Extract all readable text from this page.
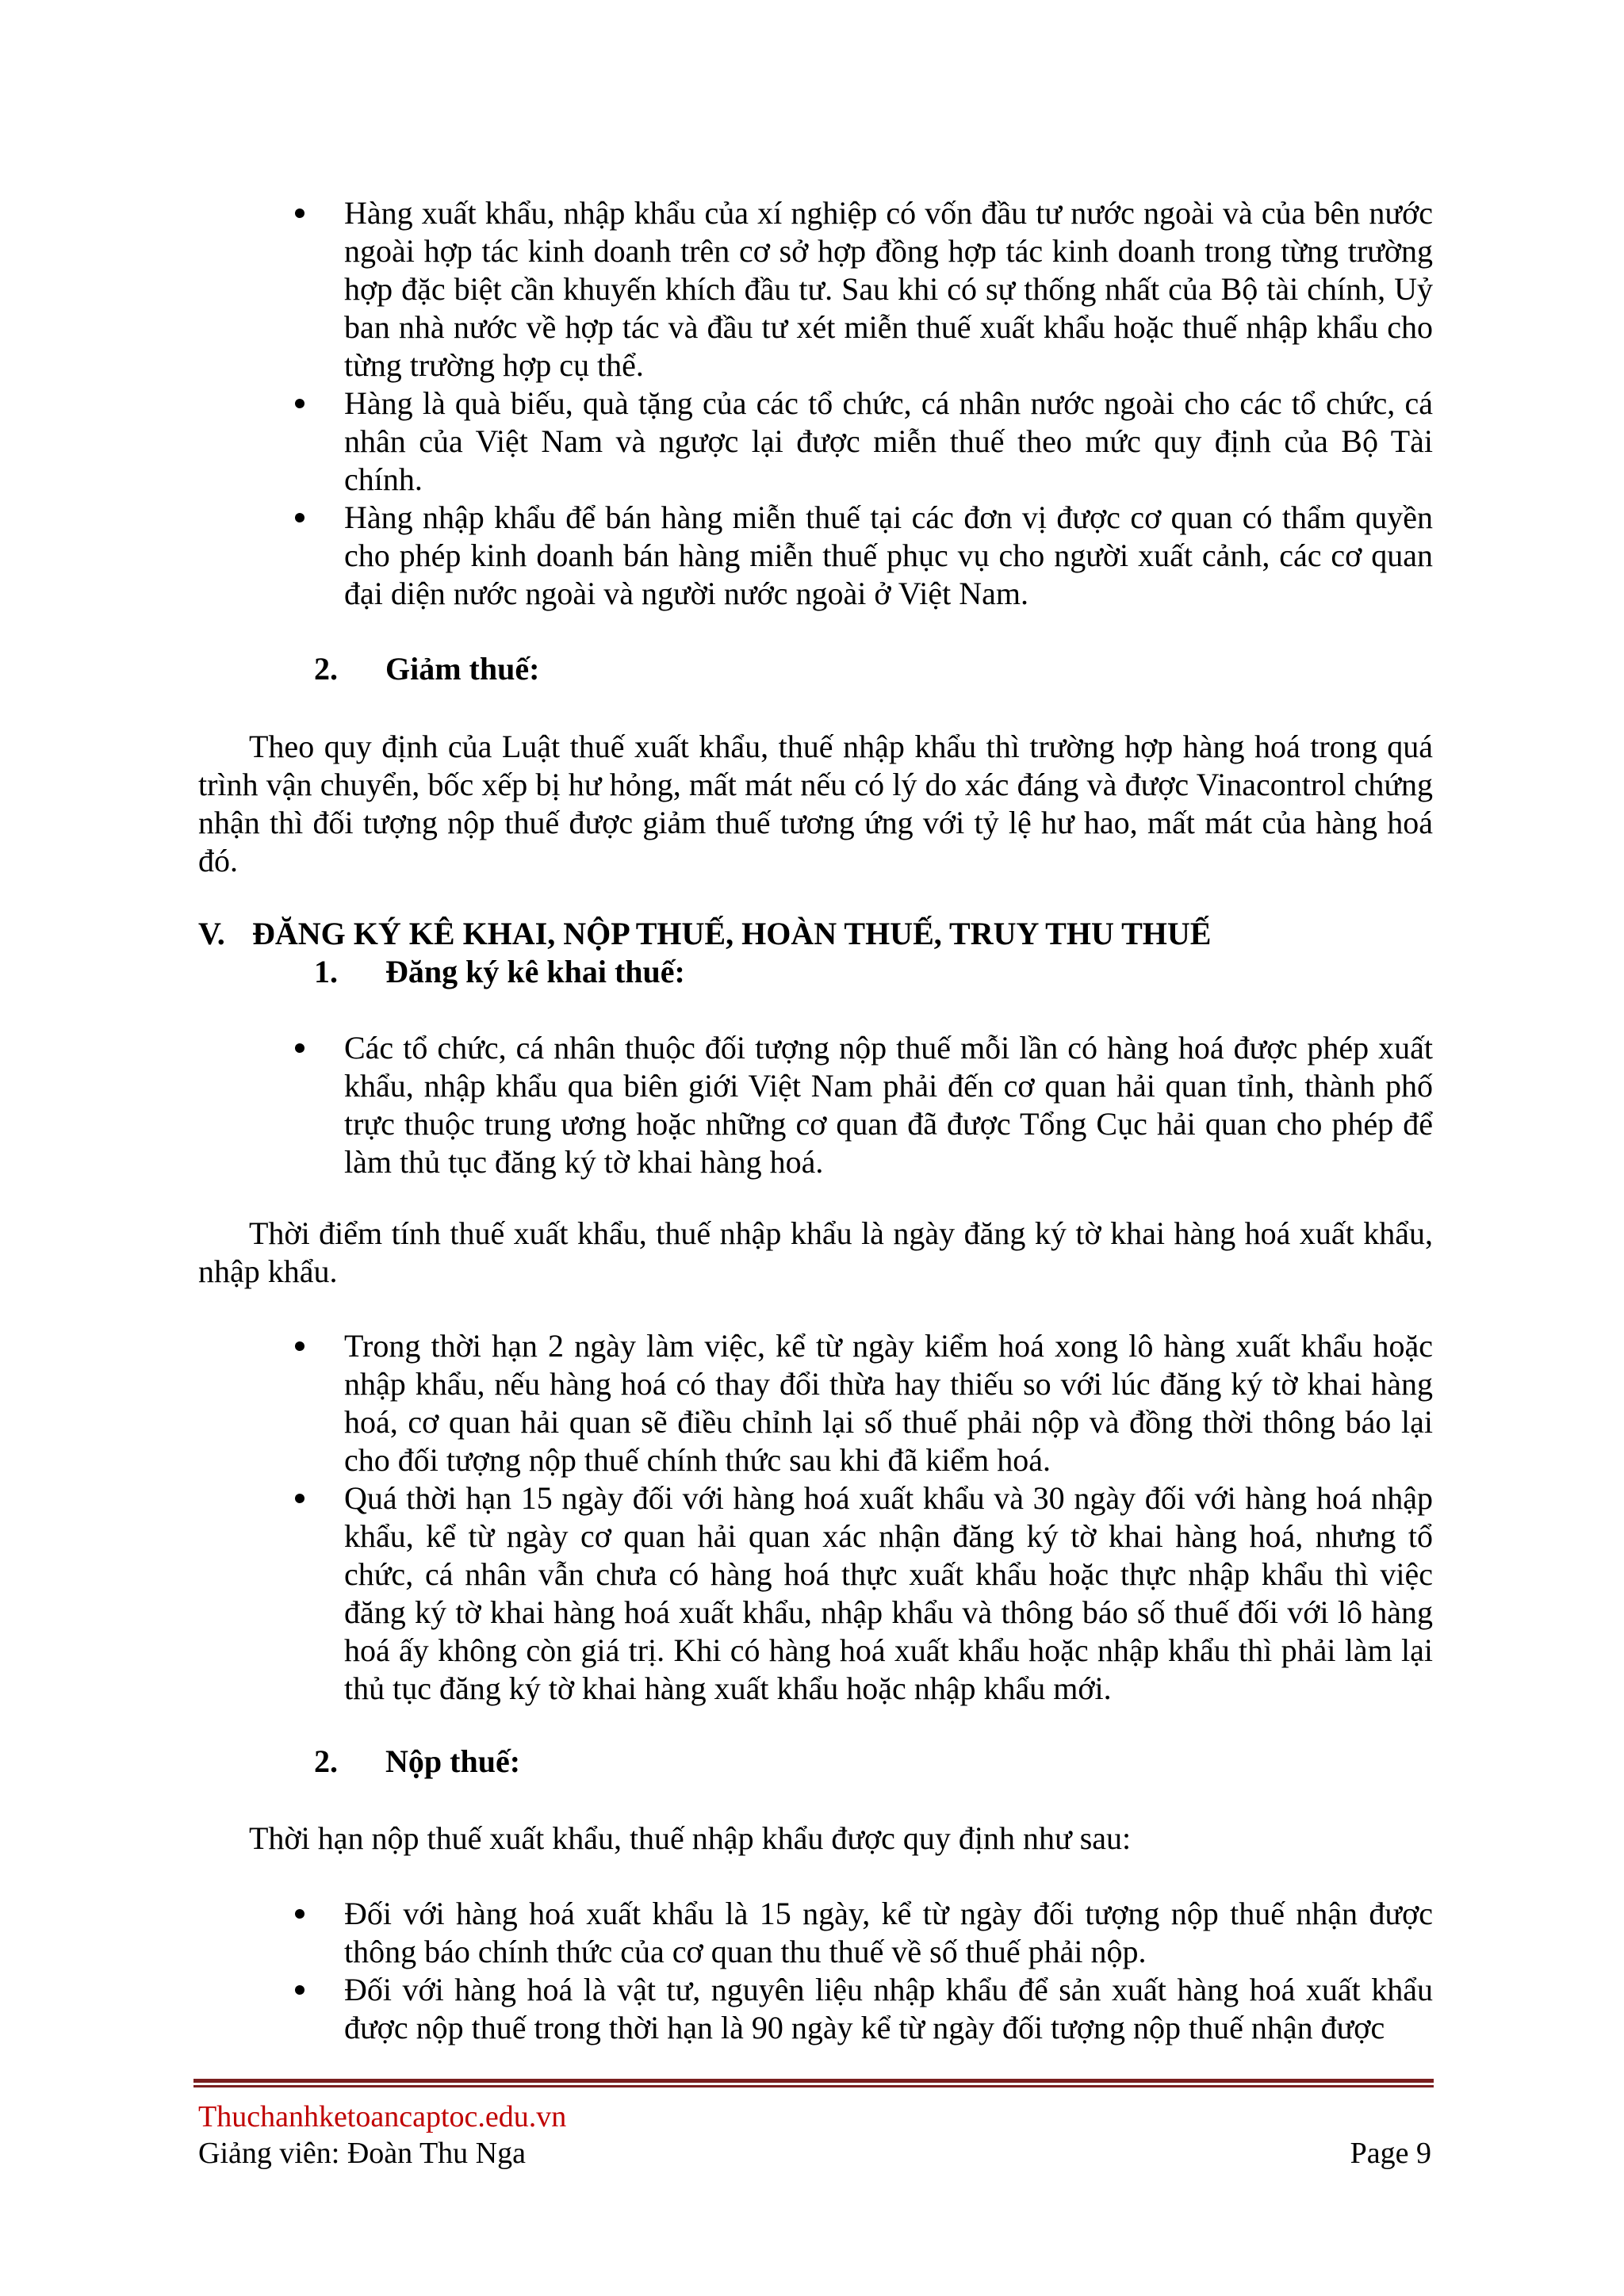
Hàng xuất khẩu, nhập khẩu của xí nghiệp có vốn đầu tư nước ngoài và của bên nước ngoài hợp tác kinh doanh trên cơ sở hợp đồng hợp tác kinh doanh trong từng trường hợp đặc biệt cần khuyến khích đầu tư. Sau khi có sự thống nhất của Bộ tài chính, Uỷ ban nhà nước về hợp tác và đầu tư xét miễn thuế xuất khẩu hoặc thuế nhập khẩu cho từng trường hợp cụ thể.
Hàng là quà biếu, quà tặng của các tổ chức, cá nhân nước ngoài cho các tổ chức, cá nhân của Việt Nam và ngược lại được miễn thuế theo mức quy định của Bộ Tài chính.
Hàng nhập khẩu để bán hàng miễn thuế tại các đơn vị được cơ quan có thẩm quyền cho phép kinh doanh bán hàng miễn thuế phục vụ cho người xuất cảnh, các cơ quan đại diện nước ngoài và người nước ngoài ở Việt Nam.

2. Giảm thuế:

Theo quy định của Luật thuế xuất khẩu, thuế nhập khẩu thì trường hợp hàng hoá trong quá trình vận chuyển, bốc xếp bị hư hỏng, mất mát nếu có lý do xác đáng và được Vinacontrol chứng nhận thì đối tượng nộp thuế được giảm thuế tương ứng với tỷ lệ hư hao, mất mát của hàng hoá đó.

V. ĐĂNG KÝ KÊ KHAI, NỘP THUẾ, HOÀN THUẾ, TRUY THU THUẾ

1. Đăng ký kê khai thuế:

Các tổ chức, cá nhân thuộc đối tượng nộp thuế mỗi lần có hàng hoá được phép xuất khẩu, nhập khẩu qua biên giới Việt Nam phải đến cơ quan hải quan tỉnh, thành phố trực thuộc trung ương hoặc những cơ quan đã được Tổng Cục hải quan cho phép để làm thủ tục đăng ký tờ khai hàng hoá.

Thời điểm tính thuế xuất khẩu, thuế nhập khẩu là ngày đăng ký tờ khai hàng hoá xuất khẩu, nhập khẩu.

Trong thời hạn 2 ngày làm việc, kể từ ngày kiểm hoá xong lô hàng xuất khẩu hoặc nhập khẩu, nếu hàng hoá có thay đổi thừa hay thiếu so với lúc đăng ký tờ khai hàng hoá, cơ quan hải quan sẽ điều chỉnh lại số thuế phải nộp và đồng thời thông báo lại cho đối tượng nộp thuế chính thức sau khi đã kiểm hoá.
Quá thời hạn 15 ngày đối với hàng hoá xuất khẩu và 30 ngày đối với hàng hoá nhập khẩu, kể từ ngày cơ quan hải quan xác nhận đăng ký tờ khai hàng hoá, nhưng tổ chức, cá nhân vẫn chưa có hàng hoá thực xuất khẩu hoặc thực nhập khẩu thì việc đăng ký tờ khai hàng hoá xuất khẩu, nhập khẩu và thông báo số thuế đối với lô hàng hoá ấy không còn giá trị. Khi có hàng hoá xuất khẩu hoặc nhập khẩu thì phải làm lại thủ tục đăng ký tờ khai hàng xuất khẩu hoặc nhập khẩu mới.

2. Nộp thuế:

Thời hạn nộp thuế xuất khẩu, thuế nhập khẩu được quy định như sau:

Đối với hàng hoá xuất khẩu là 15 ngày, kể từ ngày đối tượng nộp thuế nhận được thông báo chính thức của cơ quan thu thuế về số thuế phải nộp.
Đối với hàng hoá là vật tư, nguyên liệu nhập khẩu để sản xuất hàng hoá xuất khẩu được nộp thuế trong thời hạn là 90 ngày kể từ ngày đối tượng nộp thuế nhận được
Thuchanhketoancaptoc.edu.vn
Giảng viên: Đoàn Thu Nga	Page 9
